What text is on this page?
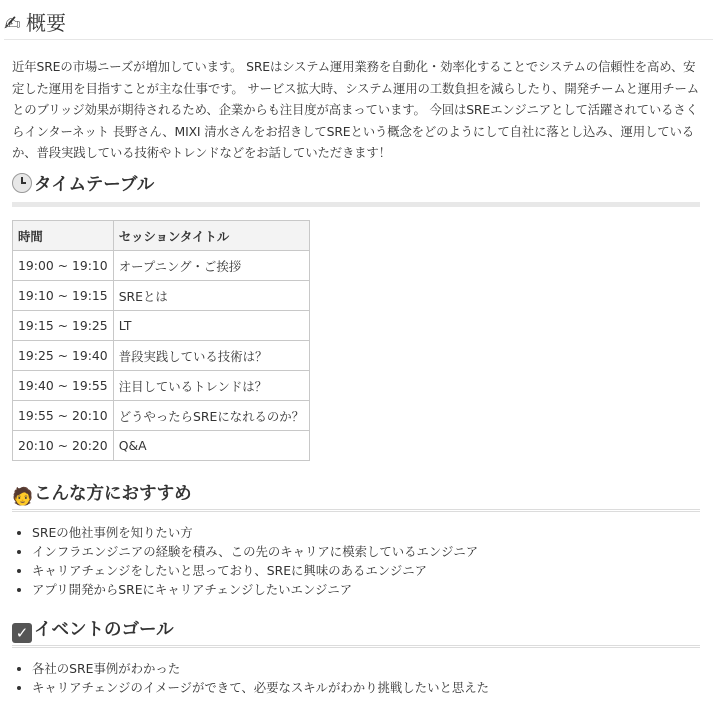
✍ 概要
近年SREの市場ニーズが増加しています。 SREはシステム運用業務を自動化・効率化することでシステムの信頼性を高め、安定した運用を目指すことが主な仕事です。 サービス拡大時、システム運用の工数負担を減らしたり、開発チームと運用チームとのブリッジ効果が期待されるため、企業からも注目度が高まっています。 今回はSREエンジニアとして活躍されているさくらインターネット 長野さん、MIXI 清水さんをお招きしてSREという概念をどのようにして自社に落とし込み、運用しているか、普段実践している技術やトレンドなどをお話していただきます！
タイムテーブル
時間	セッションタイトル
19:00 ~ 19:10	オープニング・ご挨拶
19:10 ~ 19:15	SREとは
19:15 ~ 19:25	LT
19:25 ~ 19:40	普段実践している技術は？
19:40 ~ 19:55	注目しているトレンドは？
19:55 ~ 20:10	どうやったらSREになれるのか？
20:10 ~ 20:20	Q&A
🧑こんな方におすすめ
• SREの他社事例を知りたい方
• インフラエンジニアの経験を積み、この先のキャリアに模索しているエンジニア
• キャリアチェンジをしたいと思っており、SREに興味のあるエンジニア
• アプリ開発からSREにキャリアチェンジしたいエンジニア
✓ イベントのゴール
• 各社のSRE事例がわかった
• キャリアチェンジのイメージができて、必要なスキルがわかり挑戦したいと思えた
